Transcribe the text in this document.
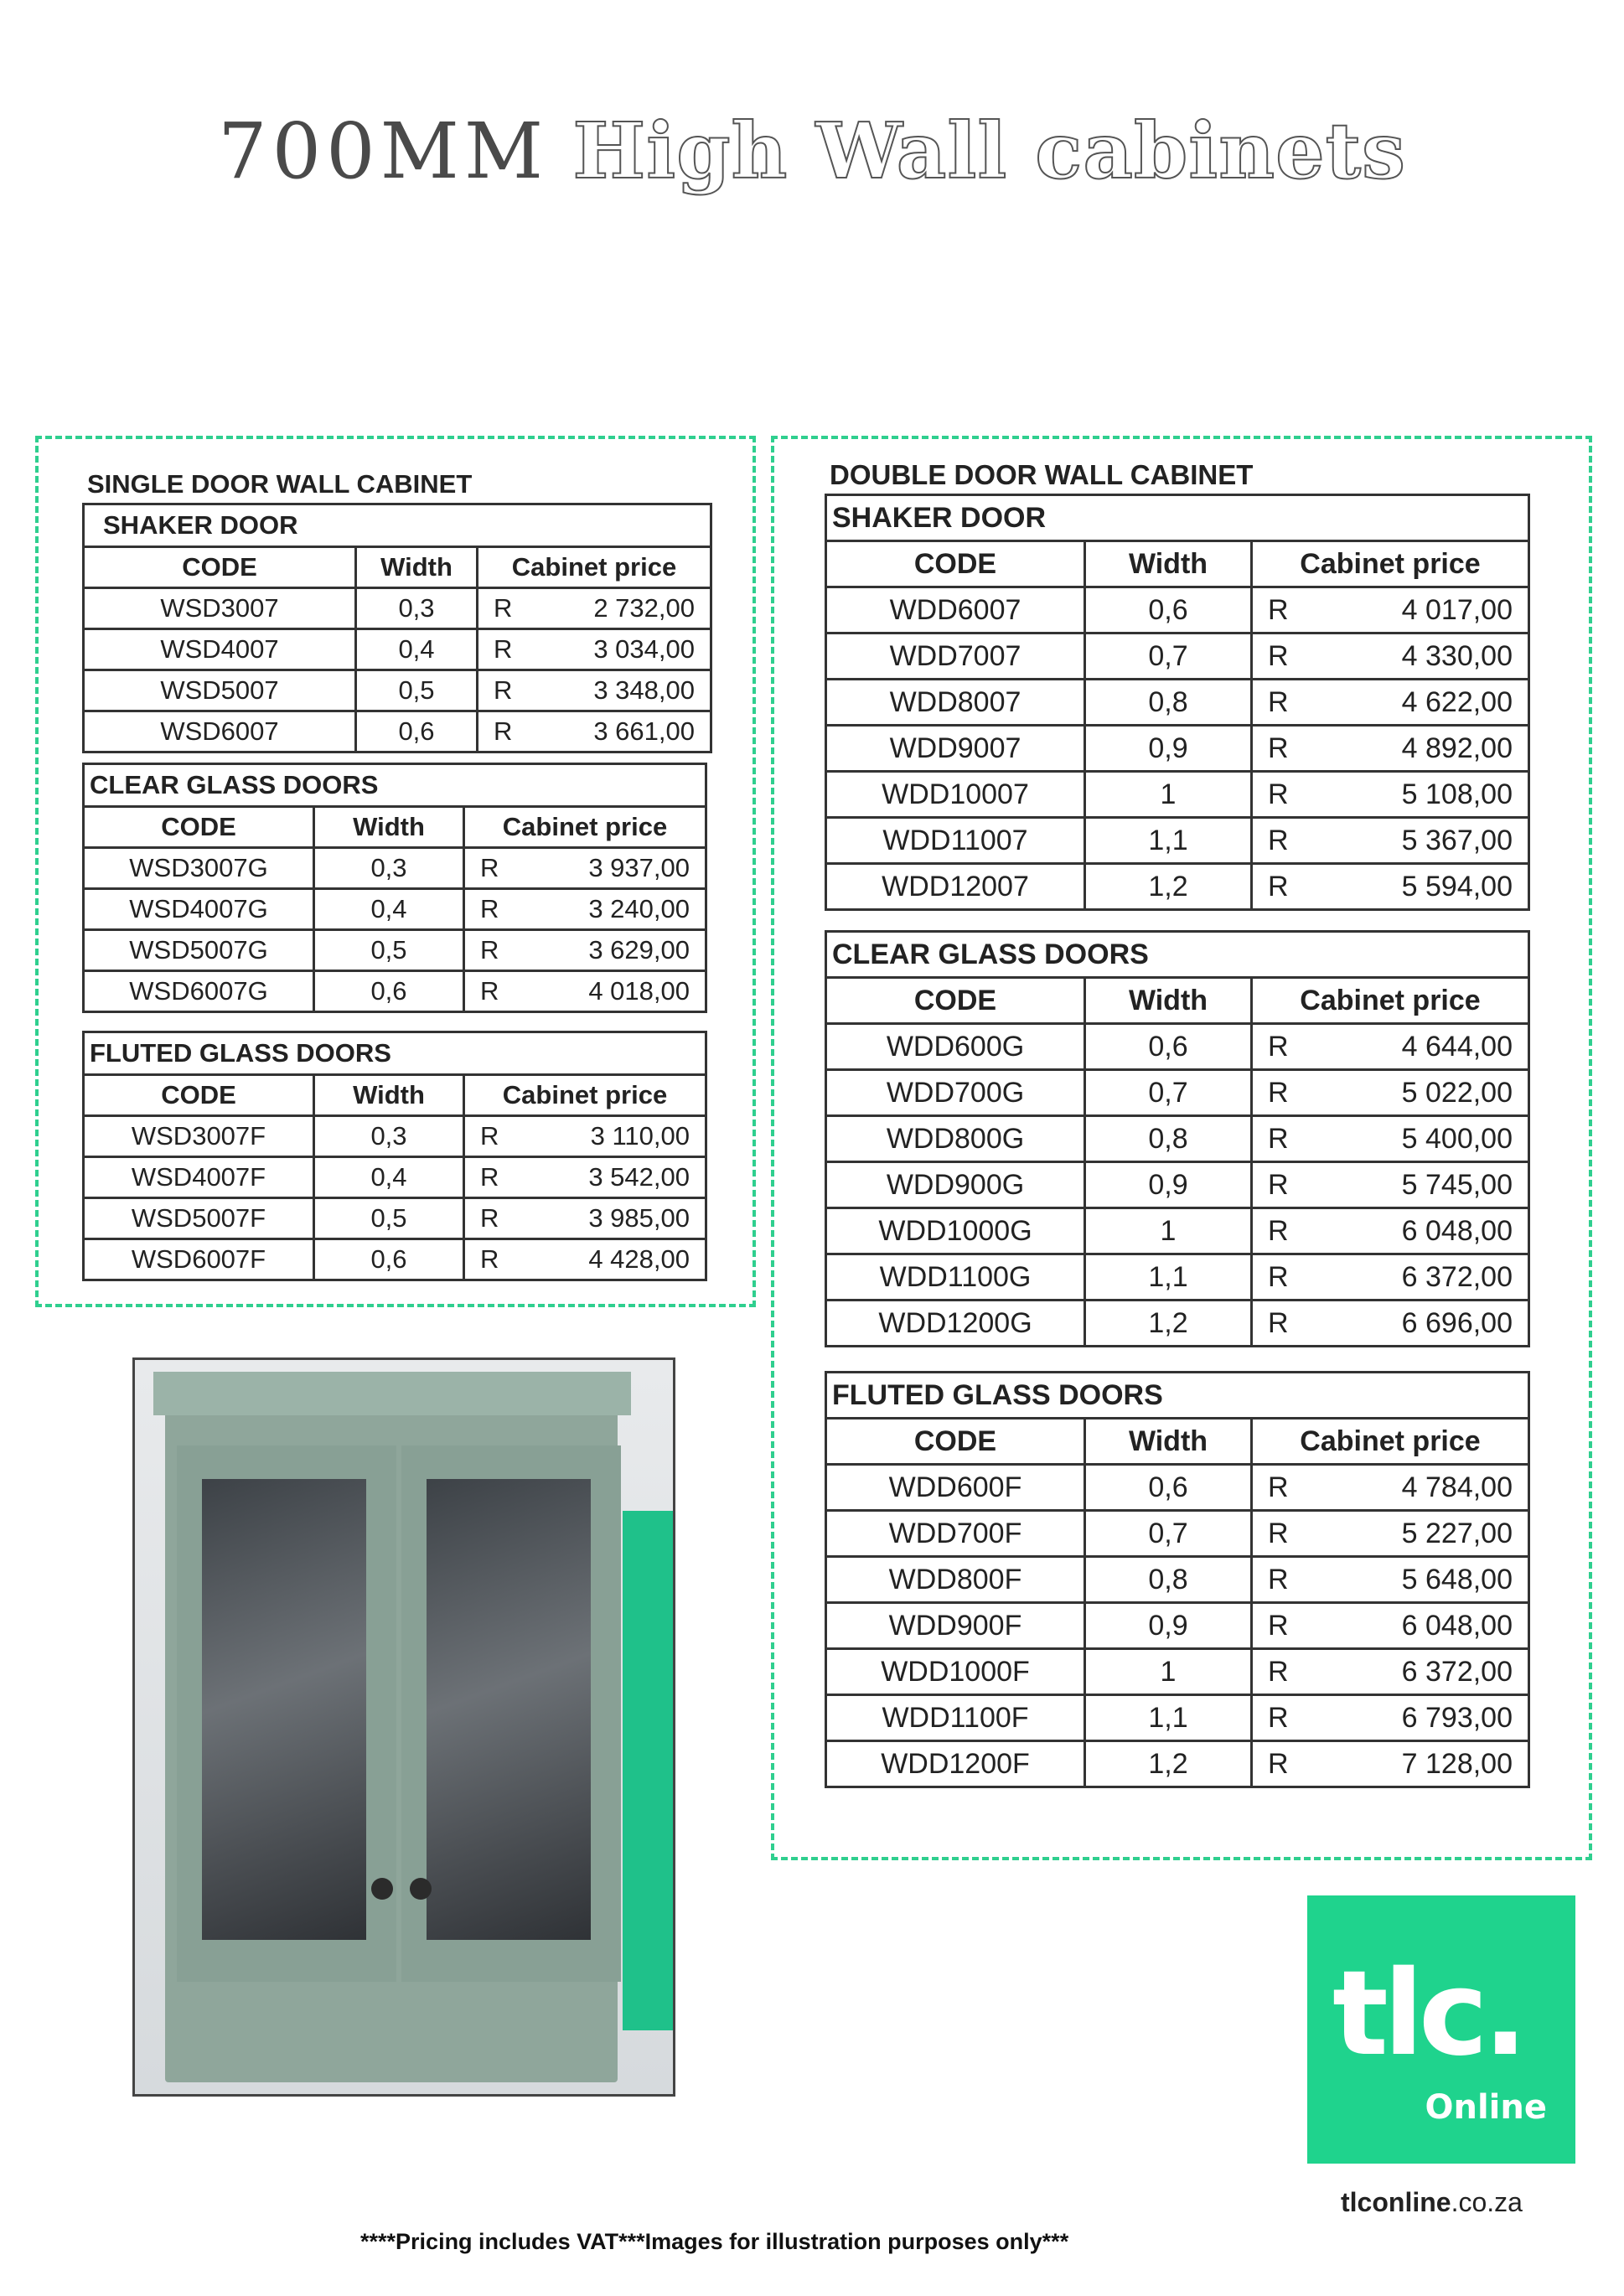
700MM High Wall cabinets
SINGLE DOOR WALL CABINET
SHAKER DOOR		
CODE	Width	Cabinet price
WSD3007	0,3	R 2 732,00

WSD4007	0,4	R 3 034,00

WSD5007	0,5	R 3 348,00

WSD6007	0,6	R 3 661,00
CLEAR GLASS DOORS		
CODE	Width	Cabinet price
WSD3007G	0,3	R 3 937,00

WSD4007G	0,4	R 3 240,00

WSD5007G	0,5	R 3 629,00

WSD6007G	0,6	R 4 018,00
FLUTED GLASS DOORS		
CODE	Width	Cabinet price
WSD3007F	0,3	R 3 110,00

WSD4007F	0,4	R 3 542,00

WSD5007F	0,5	R 3 985,00

WSD6007F	0,6	R 4 428,00
DOUBLE DOOR WALL CABINET
SHAKER DOOR		
CODE	Width	Cabinet price
WDD6007	0,6	R 4 017,00

WDD7007	0,7	R 4 330,00

WDD8007	0,8	R 4 622,00

WDD9007	0,9	R 4 892,00

WDD10007	1	R 5 108,00

WDD11007	1,1	R 5 367,00

WDD12007	1,2	R 5 594,00
CLEAR GLASS DOORS		
CODE	Width	Cabinet price
WDD600G	0,6	R 4 644,00

WDD700G	0,7	R 5 022,00

WDD800G	0,8	R 5 400,00

WDD900G	0,9	R 5 745,00

WDD1000G	1	R 6 048,00

WDD1100G	1,1	R 6 372,00

WDD1200G	1,2	R 6 696,00
FLUTED GLASS DOORS		
CODE	Width	Cabinet price
WDD600F	0,6	R 4 784,00

WDD700F	0,7	R 5 227,00

WDD800F	0,8	R 5 648,00

WDD900F	0,9	R 6 048,00

WDD1000F	1	R 6 372,00

WDD1100F	1,1	R 6 793,00

WDD1200F	1,2	R 7 128,00
tlc.
Online
tlconline.co.za
****Pricing includes VAT***Images for illustration purposes only***
